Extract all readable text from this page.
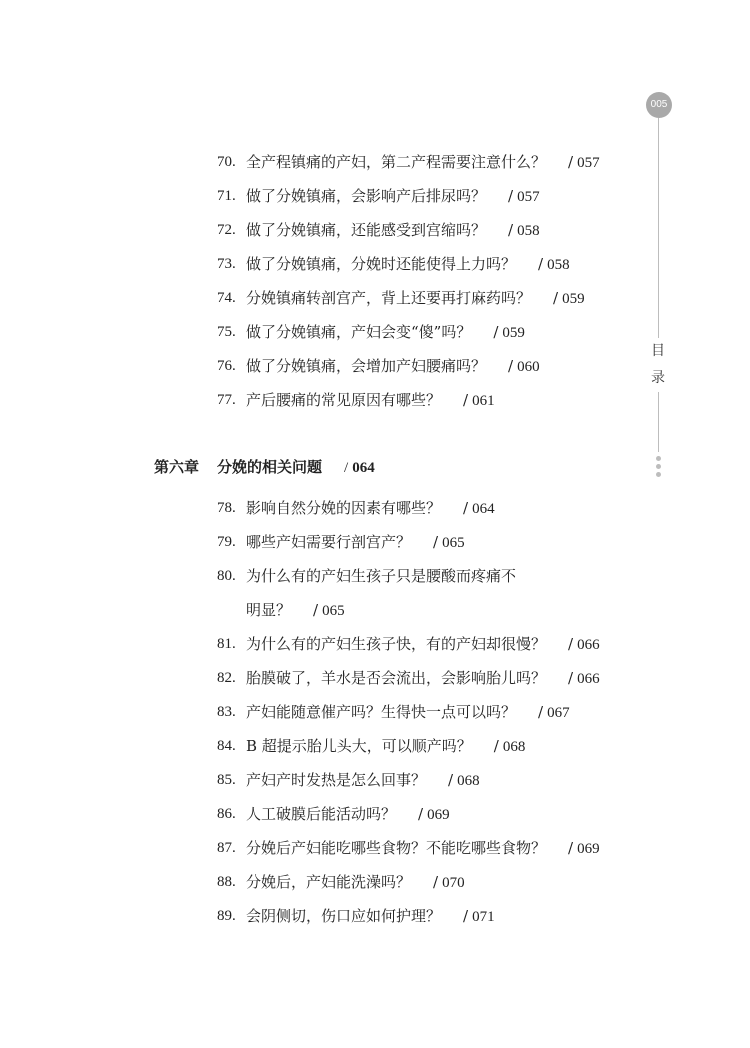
70. 全产程镇痛的产妇，第二产程需要注意什么？ / 057
71. 做了分娩镇痛，会影响产后排尿吗？ / 057
72. 做了分娩镇痛，还能感受到宫缩吗？ / 058
73. 做了分娩镇痛，分娩时还能使得上力吗？ / 058
74. 分娩镇痛转剖宫产，背上还要再打麻药吗？ / 059
75. 做了分娩镇痛，产妇会变“傻”吗？ / 059
76. 做了分娩镇痛，会增加产妇腰痛吗？ / 060
77. 产后腰痛的常见原因有哪些？ / 061
第六章 分娩的相关问题 / 064
78. 影响自然分娩的因素有哪些？ / 064
79. 哪些产妇需要行剖宫产？ / 065
80. 为什么有的产妇生孩子只是腰酸而疼痛不
明显？ / 065
81. 为什么有的产妇生孩子快，有的产妇却很慢？ / 066
82. 胎膜破了，羊水是否会流出，会影响胎儿吗？ / 066
83. 产妇能随意催产吗？生得快一点可以吗？ / 067
84. B 超提示胎儿头大，可以顺产吗？ / 068
85. 产妇产时发热是怎么回事？ / 068
86. 人工破膜后能活动吗？ / 069
87. 分娩后产妇能吃哪些食物？不能吃哪些食物？ / 069
88. 分娩后，产妇能洗澡吗？ / 070
89. 会阴侧切，伤口应如何护理？ / 071
005
目
录
